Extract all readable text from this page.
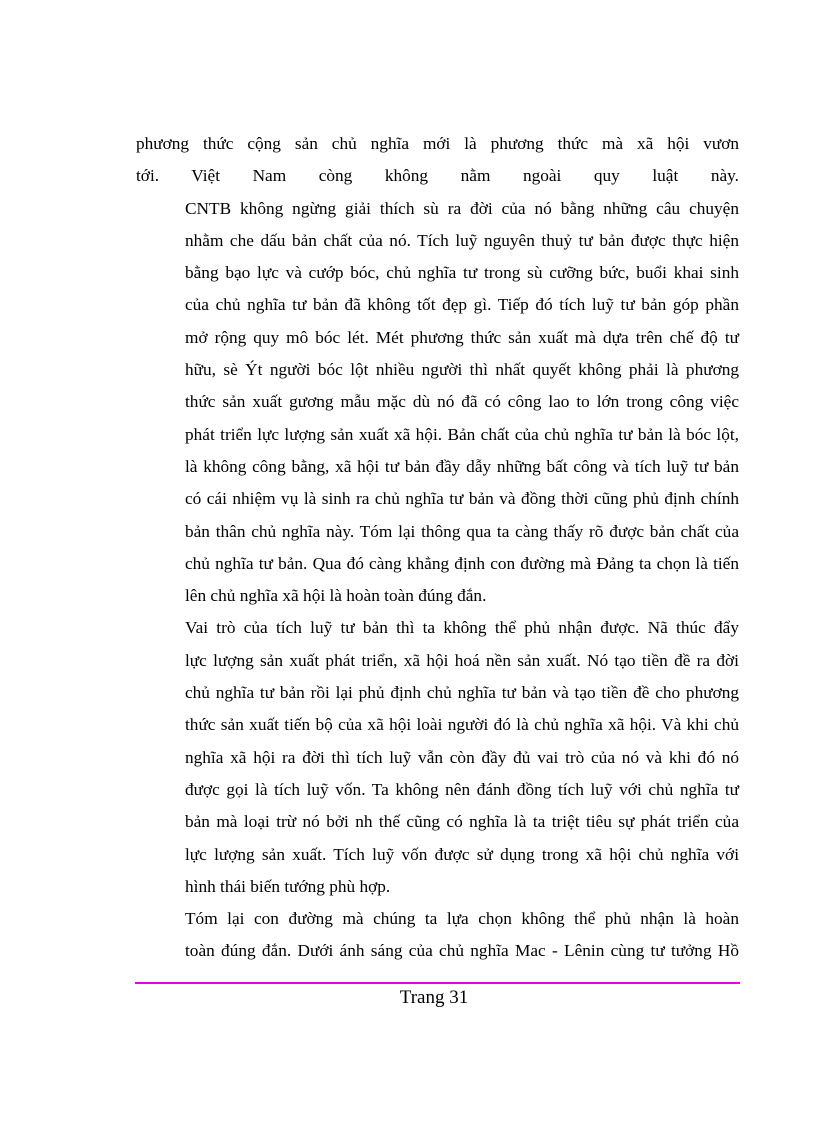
phương thức cộng sản chủ nghĩa mới là phương thức mà xã hội vươn
tới. Việt Nam còng không nằm ngoài quy luật này.

CNTB không ngừng giải thích sù ra đời của nó bằng những câu chuyện
nhằm che dấu bản chất của nó. Tích luỹ nguyên thuỷ tư bản được thực hiện
bằng bạo lực và cướp bóc, chủ nghĩa tư trong sù cưỡng bức, buổi khai sinh
của chủ nghĩa tư bản đã không tốt đẹp gì. Tiếp đó tích luỹ tư bản góp phần
mở rộng quy mô bóc lét. Mét phương thức sản xuất mà dựa trên chế độ tư
hữu, sè Ýt người bóc lột nhiều người thì nhất quyết không phải là phương
thức sản xuất gương mẫu mặc dù nó đã có công lao to lớn trong công việc
phát triển lực lượng sản xuất xã hội. Bản chất của chủ nghĩa tư bản là bóc lột,
là không công bằng, xã hội tư bản đầy dẫy những bất công và tích luỹ tư bản
có cái nhiệm vụ là sinh ra chủ nghĩa tư bản và đồng thời cũng phủ định chính
bản thân chủ nghĩa này. Tóm lại thông qua ta càng thấy rõ được bản chất của
chủ nghĩa tư bản. Qua đó càng khẳng định con đường mà Đảng ta chọn là tiến
lên chủ nghĩa xã hội là hoàn toàn đúng đắn.

Vai trò của tích luỹ tư bản thì ta không thể phủ nhận được. Nã thúc đẩy
lực lượng sản xuất phát triển, xã hội hoá nền sản xuất. Nó tạo tiền đề ra đời
chủ nghĩa tư bản rồi lại phủ định chủ nghĩa tư bản và tạo tiền đề cho phương
thức sản xuất tiến bộ của xã hội loài người đó là chủ nghĩa xã hội. Và khi chủ
nghĩa xã hội ra đời thì tích luỹ vẫn còn đầy đủ vai trò của nó và khi đó nó
được gọi là tích luỹ vốn. Ta không nên đánh đồng tích luỹ với chủ nghĩa tư
bản mà loại trừ nó bởi nh thế cũng có nghĩa là ta triệt tiêu sự phát triển của
lực lượng sản xuất. Tích luỹ vốn được sử dụng trong xã hội chủ nghĩa với
hình thái biến tướng phù hợp.

Tóm lại con đường mà chúng ta lựa chọn không thể phủ nhận là hoàn
toàn đúng đắn. Dưới ánh sáng của chủ nghĩa Mac - Lênin cùng tư tưởng Hồ

Trang 31
